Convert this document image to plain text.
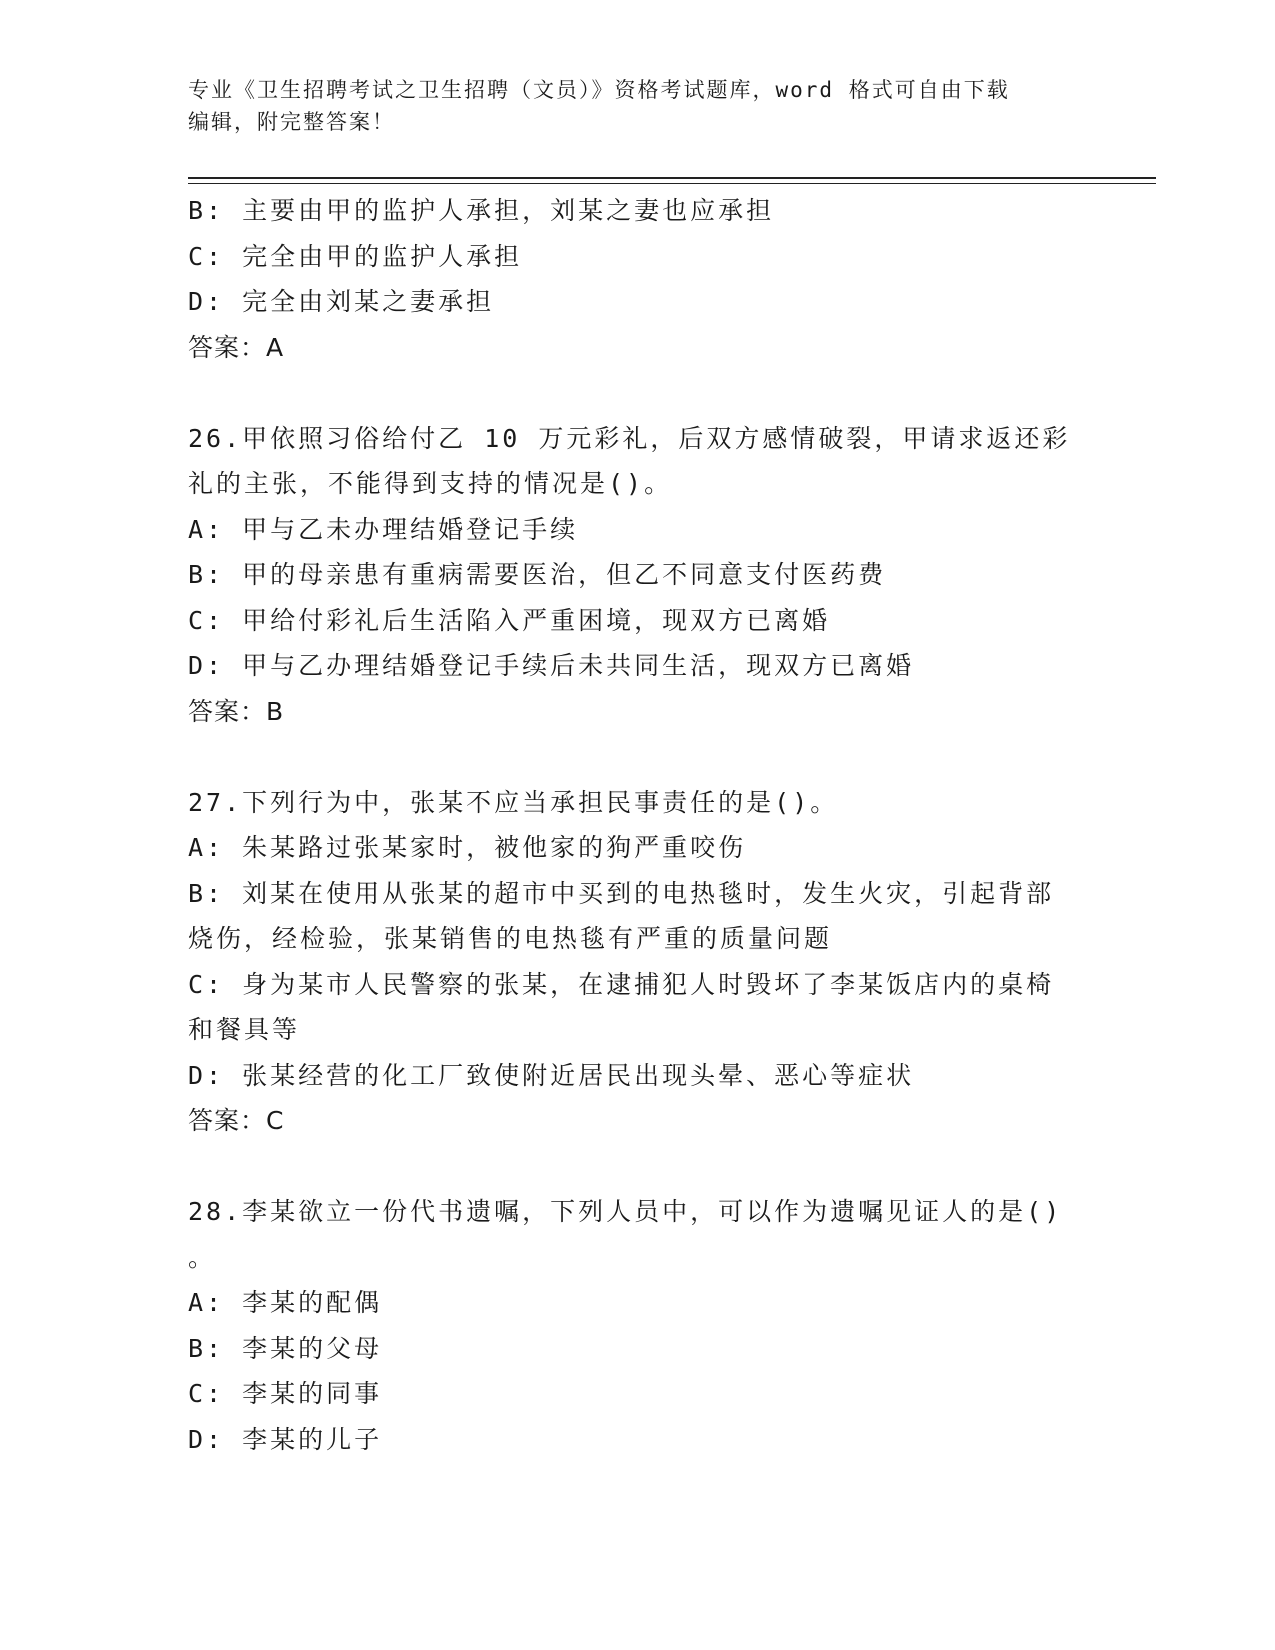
专业《卫生招聘考试之卫生招聘（文员）》资格考试题库，word 格式可自由下载
编辑，附完整答案！
B: 主要由甲的监护人承担，刘某之妻也应承担
C: 完全由甲的监护人承担
D: 完全由刘某之妻承担
答案：A
26.甲依照习俗给付乙 10 万元彩礼，后双方感情破裂，甲请求返还彩
礼的主张，不能得到支持的情况是()。
A: 甲与乙未办理结婚登记手续
B: 甲的母亲患有重病需要医治，但乙不同意支付医药费
C: 甲给付彩礼后生活陷入严重困境，现双方已离婚
D: 甲与乙办理结婚登记手续后未共同生活，现双方已离婚
答案：B
27.下列行为中，张某不应当承担民事责任的是()。
A: 朱某路过张某家时，被他家的狗严重咬伤
B: 刘某在使用从张某的超市中买到的电热毯时，发生火灾，引起背部
烧伤，经检验，张某销售的电热毯有严重的质量问题
C: 身为某市人民警察的张某，在逮捕犯人时毁坏了李某饭店内的桌椅
和餐具等
D: 张某经营的化工厂致使附近居民出现头晕、恶心等症状
答案：C
28.李某欲立一份代书遗嘱，下列人员中，可以作为遗嘱见证人的是()
。
A: 李某的配偶
B: 李某的父母
C: 李某的同事
D: 李某的儿子
